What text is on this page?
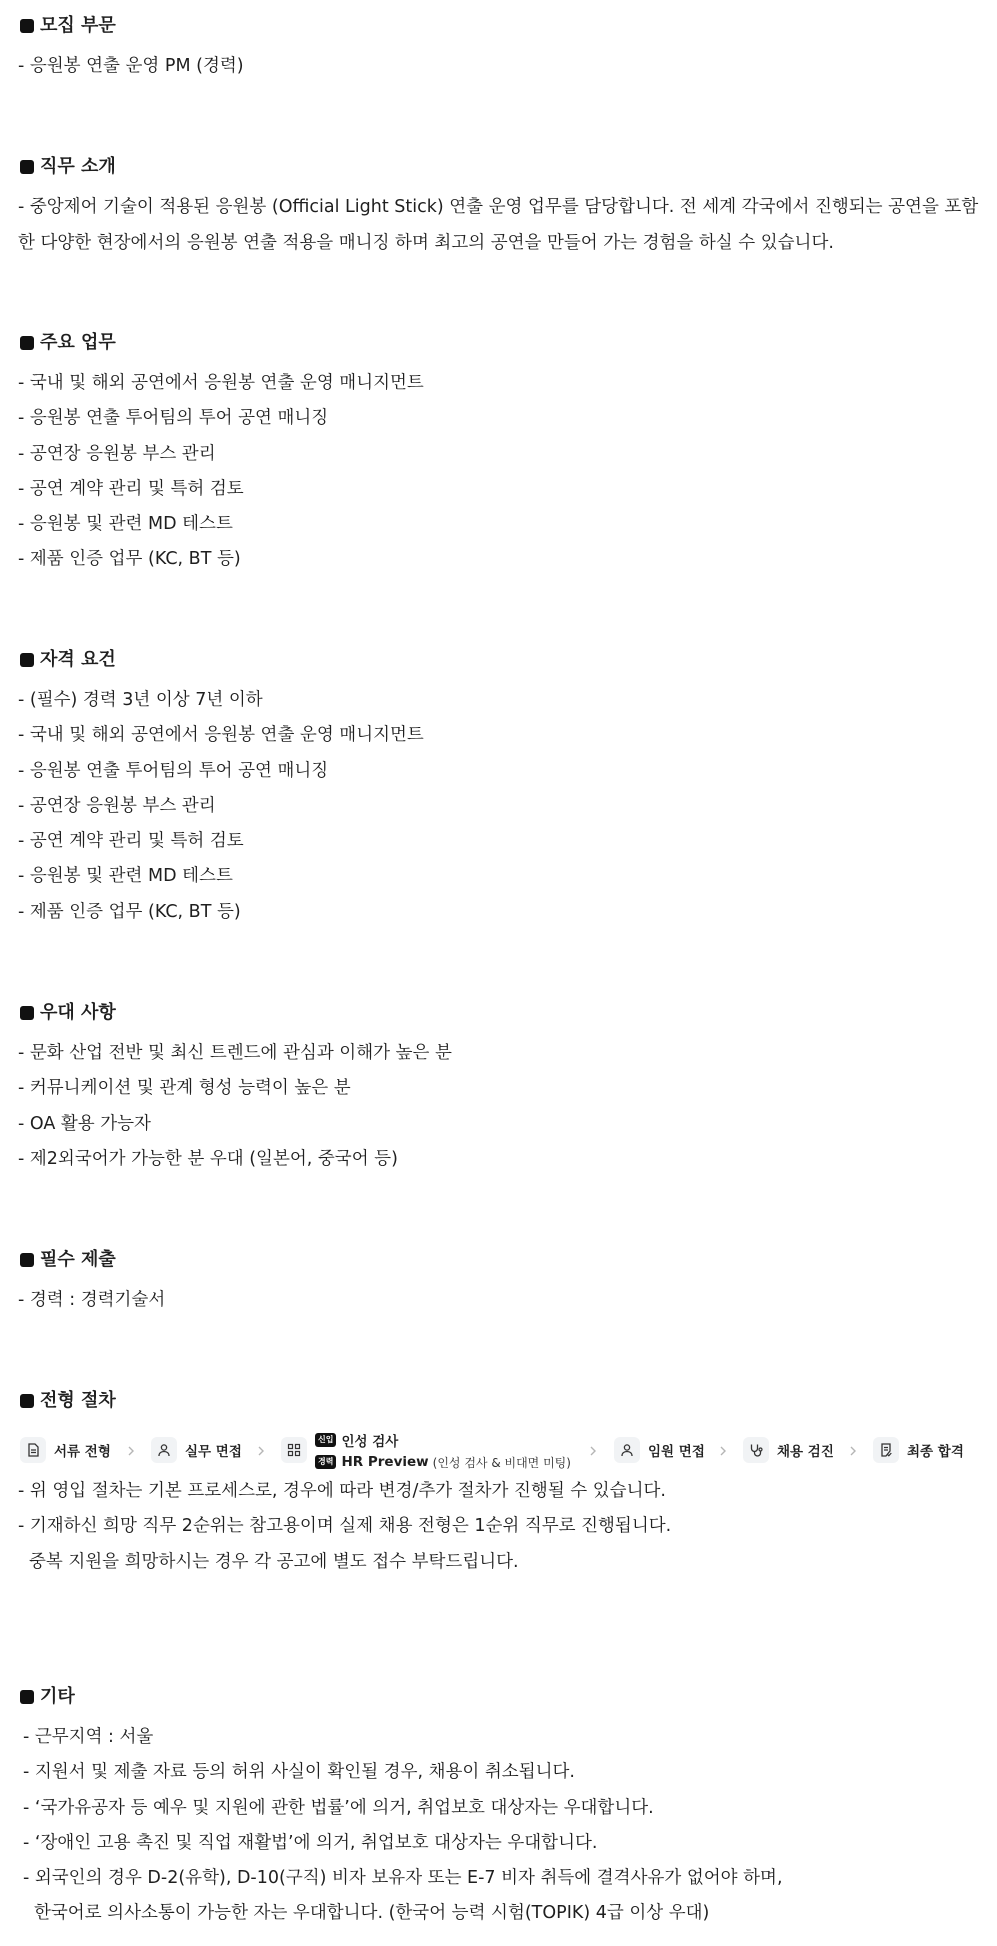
모집 부문
- 응원봉 연출 운영 PM (경력)
직무 소개
- 중앙제어 기술이 적용된 응원봉 (Official Light Stick) 연출 운영 업무를 담당합니다. 전 세계 각국에서 진행되는 공연을 포함한 다양한 현장에서의 응원봉 연출 적용을 매니징 하며 최고의 공연을 만들어 가는 경험을 하실 수 있습니다.
주요 업무
- 국내 및 해외 공연에서 응원봉 연출 운영 매니지먼트
- 응원봉 연출 투어팀의 투어 공연 매니징
- 공연장 응원봉 부스 관리
- 공연 계약 관리 및 특허 검토
- 응원봉 및 관련 MD 테스트
- 제품 인증 업무 (KC, BT 등)
자격 요건
- (필수) 경력 3년 이상 7년 이하
- 국내 및 해외 공연에서 응원봉 연출 운영 매니지먼트
- 응원봉 연출 투어팀의 투어 공연 매니징
- 공연장 응원봉 부스 관리
- 공연 계약 관리 및 특허 검토
- 응원봉 및 관련 MD 테스트
- 제품 인증 업무 (KC, BT 등)
우대 사항
- 문화 산업 전반 및 최신 트렌드에 관심과 이해가 높은 분
- 커뮤니케이션 및 관계 형성 능력이 높은 분
- OA 활용 가능자
- 제2외국어가 가능한 분 우대 (일본어, 중국어 등)
필수 제출
- 경력 : 경력기술서
전형 절차
서류 전형	실무 면접
신입 인성 검사
경력 HR Preview (인성 검사 & 비대면 미팅)
임원 면접	채용 검진	최종 합격
- 위 영입 절차는 기본 프로세스로, 경우에 따라 변경/추가 절차가 진행될 수 있습니다.
- 기재하신 희망 직무 2순위는 참고용이며 실제 채용 전형은 1순위 직무로 진행됩니다.
중복 지원을 희망하시는 경우 각 공고에 별도 접수 부탁드립니다.
기타
- 근무지역 : 서울
- 지원서 및 제출 자료 등의 허위 사실이 확인될 경우, 채용이 취소됩니다.
- ‘국가유공자 등 예우 및 지원에 관한 법률’에 의거, 취업보호 대상자는 우대합니다.
- ‘장애인 고용 촉진 및 직업 재활법’에 의거, 취업보호 대상자는 우대합니다.
- 외국인의 경우 D-2(유학), D-10(구직) 비자 보유자 또는 E-7 비자 취득에 결격사유가 없어야 하며,
한국어로 의사소통이 가능한 자는 우대합니다. (한국어 능력 시험(TOPIK) 4급 이상 우대)
